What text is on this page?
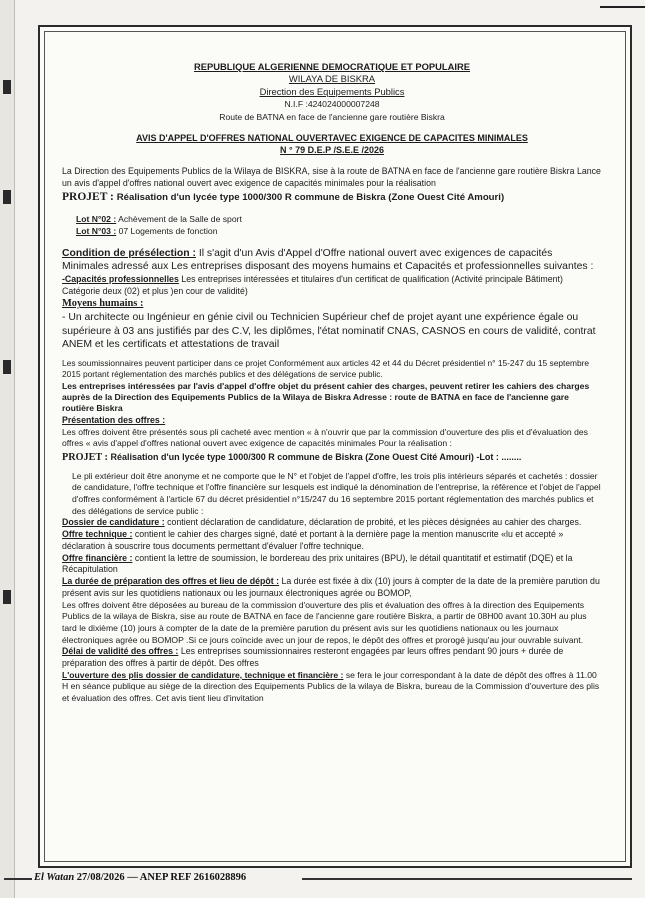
REPUBLIQUE ALGERIENNE DEMOCRATIQUE ET POPULAIRE
WILAYA DE BISKRA
Direction des Equipements Publics
N.I.F :424024000007248
Route de BATNA en face de l'ancienne gare routière Biskra
AVIS D'APPEL D'OFFRES NATIONAL OUVERTAVEC EXIGENCE DE CAPACITES MINIMALES
N ° 79 D.E.P /S.E.E /2026

La Direction des Equipements Publics de la Wilaya de BISKRA, sise à la route de BATNA en face de l'ancienne gare routière Biskra Lance un avis d'appel d'offres national ouvert avec exigence de capacités minimales pour la réalisation

PROJET : Réalisation d'un lycée type 1000/300 R commune de Biskra (Zone Ouest Cité Amouri)

Lot N°02 : Achèvement de la Salle de sport

Lot N°03 : 07 Logements de fonction

Condition de présélection : Il s'agit d'un Avis d'Appel d'Offre national ouvert avec exigences de capacités Minimales adressé aux Les entreprises disposant des moyens humains et Capacités et professionnelles suivantes :

-Capacités professionnelles Les entreprises intéressées et titulaires d'un certificat de qualification (Activité principale Bâtiment) Catégorie deux (02) et plus )en cour de validité)

Moyens humains :

- Un architecte ou Ingénieur en génie civil ou Technicien Supérieur chef de projet ayant une expérience égale ou supérieure à 03 ans justifiés par des C.V, les diplômes, l'état nominatif CNAS, CASNOS en cours de validité, contrat ANEM et les certificats et attestations de travail

Les soumissionnaires peuvent participer dans ce projet Conformément aux articles 42 et 44 du Décret présidentiel n° 15-247 du 15 septembre 2015 portant réglementation des marchés publics et des délégations de service public.

Les entreprises intéressées par l'avis d'appel d'offre objet du présent cahier des charges, peuvent retirer les cahiers des charges auprès de la Direction des Equipements Publics de la Wilaya de Biskra Adresse : route de BATNA en face de l'ancienne gare routière Biskra

Présentation des offres :

Les offres doivent être présentés sous pli cacheté avec mention « à n'ouvrir que par la commission d'ouverture des plis et d'évaluation des offres « avis d'appel d'offres national ouvert avec exigence de capacités minimales Pour la réalisation :

PROJET : Réalisation d'un lycée type 1000/300 R commune de Biskra (Zone Ouest Cité Amouri) -Lot : ........

Le pli extérieur doit être anonyme et ne comporte que le N° et l'objet de l'appel d'offre, les trois plis intérieurs séparés et cachetés : dossier de candidature, l'offre technique et l'offre financière sur lesquels est indiqué la dénomination de l'entreprise, la référence et l'objet de l'appel d'offres conformément à l'article 67 du décret présidentiel n°15/247 du 16 septembre 2015 portant réglementation des marchés publics et des délégations de service public :

Dossier de candidature : contient déclaration de candidature, déclaration de probité, et les pièces désignées au cahier des charges.

Offre technique : contient le cahier des charges signé, daté et portant à la dernière page la mention manuscrite «lu et accepté » déclaration à souscrire tous documents permettant d'évaluer l'offre technique.

Offre financière : contient la lettre de soumission, le bordereau des prix unitaires (BPU), le détail quantitatif et estimatif (DQE) et la Récapitulation

La durée de préparation des offres et lieu de dépôt : La durée est fixée à dix (10) jours à compter de la date de la première parution du présent avis sur les quotidiens nationaux ou les journaux électroniques agrée ou BOMOP,

Les offres doivent être déposées au bureau de la commission d'ouverture des plis et évaluation des offres à la direction des Equipements Publics de la wilaya de Biskra, sise au route de BATNA en face de l'ancienne gare routière Biskra, a partir de 08H00 avant 10.30H au plus tard le dixième (10) jours à compter de la date de la première parution du présent avis sur les quotidiens nationaux ou les journaux électroniques agrée ou BOMOP .Si ce jours coïncide avec un jour de repos, le dépôt des offres et prorogé jusqu'au jour ouvrable suivant.

Délai de validité des offres : Les entreprises soumissionnaires resteront engagées par leurs offres pendant 90 jours + durée de préparation des offres à partir de dépôt. Des offres

L'ouverture des plis dossier de candidature, technique et financière : se fera le jour correspondant à la date de dépôt des offres à 11.00 H en séance publique au siège de la direction des Equipements Publics de la wilaya de Biskra, bureau de la Commission d'ouverture des plis et évaluation des offres. Cet avis tient lieu d'invitation

El Watan 27/08/2026 — ANEP REF 2616028896
